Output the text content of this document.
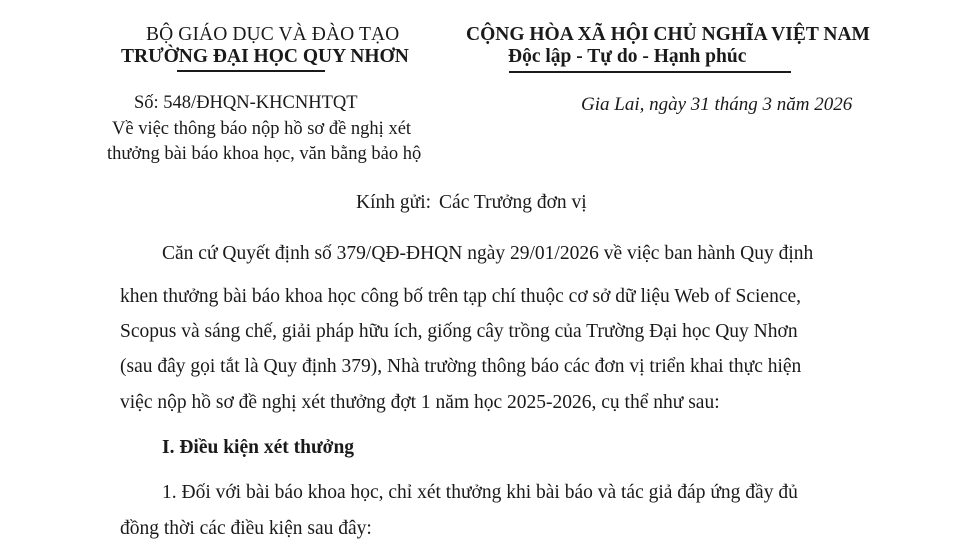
BỘ GIÁO DỤC VÀ ĐÀO TẠO
TRƯỜNG ĐẠI HỌC QUY NHƠN
CỘNG HÒA XÃ HỘI CHỦ NGHĨA VIỆT NAM
Độc lập - Tự do - Hạnh phúc
Số: 548/ĐHQN-KHCNHTQT
Về việc thông báo nộp hồ sơ đề nghị xét
thưởng bài báo khoa học, văn bằng bảo hộ
Gia Lai, ngày 31 tháng 3 năm 2026
Kính gửi: Các Trưởng đơn vị
Căn cứ Quyết định số 379/QĐ-ĐHQN ngày 29/01/2026 về việc ban hành Quy định
khen thưởng bài báo khoa học công bố trên tạp chí thuộc cơ sở dữ liệu Web of Science,
Scopus và sáng chế, giải pháp hữu ích, giống cây trồng của Trường Đại học Quy Nhơn
(sau đây gọi tắt là Quy định 379), Nhà trường thông báo các đơn vị triển khai thực hiện
việc nộp hồ sơ đề nghị xét thưởng đợt 1 năm học 2025-2026, cụ thể như sau:
I. Điều kiện xét thưởng
1. Đối với bài báo khoa học, chỉ xét thưởng khi bài báo và tác giả đáp ứng đầy đủ
đồng thời các điều kiện sau đây:
